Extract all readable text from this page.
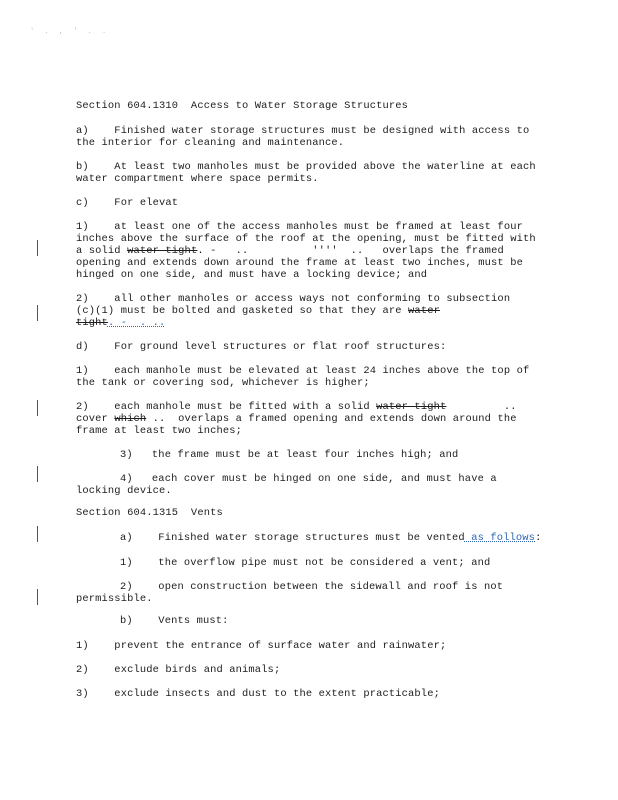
' . , ' . .
Section 604.1310  Access to Water Storage Structures
a)    Finished water storage structures must be designed with access to
the interior for cleaning and maintenance.
b)    At least two manholes must be provided above the waterline at each
water compartment where space permits.
c)    For elevat
1)    at least one of the access manholes must be framed at least four
inches above the surface of the roof at the opening, must be fitted with
a solid water tight. -   ..          ''''  ..   overlaps the framed
opening and extends down around the frame at least two inches, must be
hinged on one side, and must have a locking device; and
2)    all other manholes or access ways not conforming to subsection
(c)(1) must be bolted and gasketed so that they are water
tight. -  . ..
d)    For ground level structures or flat roof structures:
1)    each manhole must be elevated at least 24 inches above the top of
the tank or covering sod, whichever is higher;
2)    each manhole must be fitted with a solid water tight         ..
cover which ..  overlaps a framed opening and extends down around the
frame at least two inches;
3)   the frame must be at least four inches high; and
4)   each cover must be hinged on one side, and must have a
locking device.
Section 604.1315  Vents
a)    Finished water storage structures must be vented as follows:
1)    the overflow pipe must not be considered a vent; and
2)    open construction between the sidewall and roof is not
permissible.
b)    Vents must:
1)    prevent the entrance of surface water and rainwater;
2)    exclude birds and animals;
3)    exclude insects and dust to the extent practicable;
